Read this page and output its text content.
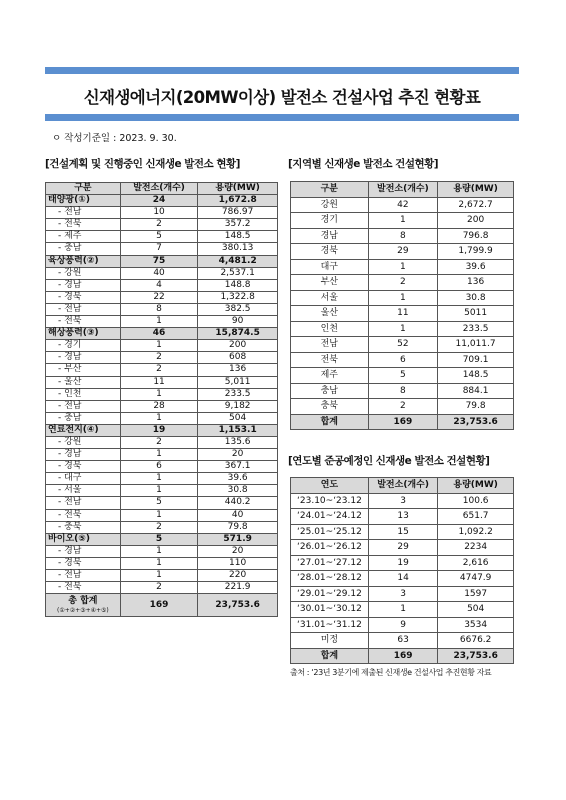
신재생에너지(20MW이상) 발전소 건설사업 추진 현황표
ㅇ 작성기준일 : 2023. 9. 30.
[건설계획 및 진행중인 신재생e 발전소 현황]	[지역별 신재생e 발전소 건설현황]
[연도별 준공예정인 신재생e 발전소 건설현황]
구분	발전소(개수)	용량(MW)
태양광(①)	24	1,672.8
- 전남	10	786.97
- 전북	2	357.2
- 제주	5	148.5
- 충남	7	380.13
육상풍력(②)	75	4,481.2
- 강원	40	2,537.1
- 경남	4	148.8
- 경북	22	1,322.8
- 전남	8	382.5
- 전북	1	90
해상풍력(③)	46	15,874.5
- 경기	1	200
- 경남	2	608
- 부산	2	136
- 울산	11	5,011
- 인천	1	233.5
- 전남	28	9,182
- 충남	1	504
연료전지(④)	19	1,153.1
- 강원	2	135.6
- 경남	1	20
- 경북	6	367.1
- 대구	1	39.6
- 서울	1	30.8
- 전남	5	440.2
- 전북	1	40
- 충북	2	79.8
바이오(⑤)	5	571.9
- 경남	1	20
- 경북	1	110
- 전남	1	220
- 전북	2	221.9

총 합계
(①+②+③+④+⑤)	169	23,753.6
구분	발전소(개수)	용량(MW)
강원	42	2,672.7
경기	1	200
경남	8	796.8
경북	29	1,799.9
대구	1	39.6
부산	2	136
서울	1	30.8
울산	11	5011
인천	1	233.5
전남	52	11,011.7
전북	6	709.1
제주	5	148.5
충남	8	884.1
충북	2	79.8
합계	169	23,753.6
연도	발전소(개수)	용량(MW)
‘23.10~‘23.12	3	100.6
‘24.01~‘24.12	13	651.7
‘25.01~‘25.12	15	1,092.2
‘26.01~‘26.12	29	2234
‘27.01~‘27.12	19	2,616
‘28.01~‘28.12	14	4747.9
‘29.01~‘29.12	3	1597
‘30.01~‘30.12	1	504
‘31.01~‘31.12	9	3534
미정	63	6676.2
합계	169	23,753.6
출처 : ‘23년 3분기에 제출된 신재생e 건설사업 추진현황 자료
